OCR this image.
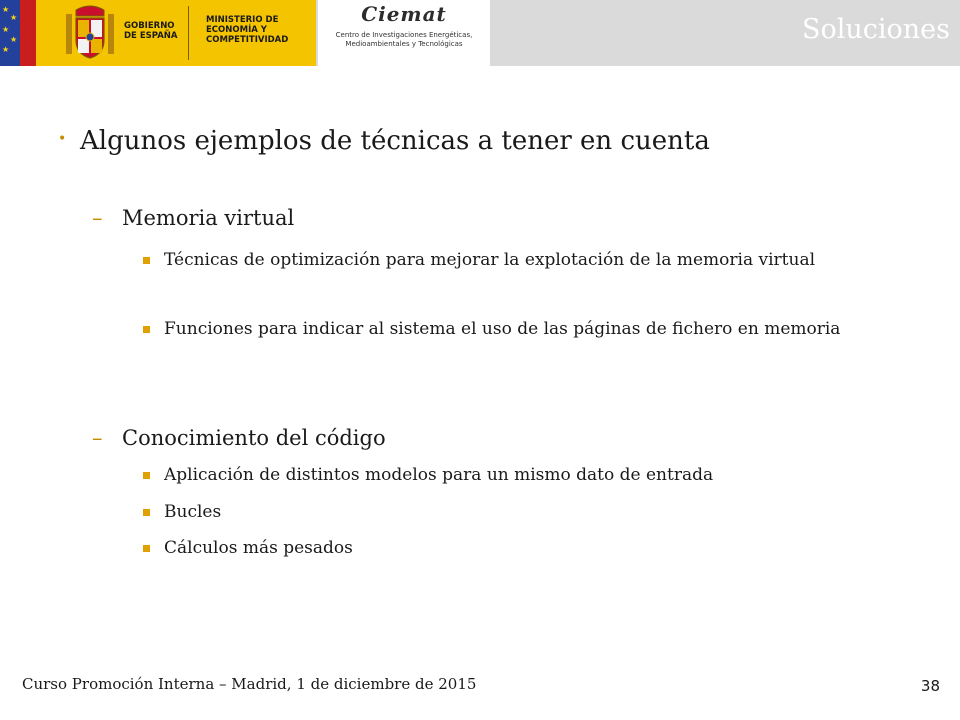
★
★
★
★
★

GOBIERNO DE ESPAÑA

MINISTERIO DE ECONOMÍA Y COMPETITIVIDAD

Ciemat

Centro de Investigaciones Energéticas, Medioambientales y Tecnológicas	Soluciones
• Algunos ejemplos de técnicas a tener en cuenta
– Memoria virtual
Técnicas de optimización para mejorar la explotación de la memoria virtual
Funciones para indicar al sistema el uso de las páginas de fichero en memoria
– Conocimiento del código
Aplicación de distintos modelos para un mismo dato de entrada
Bucles
Cálculos más pesados

Curso Promoción Interna – Madrid, 1 de diciembre de 2015	38
